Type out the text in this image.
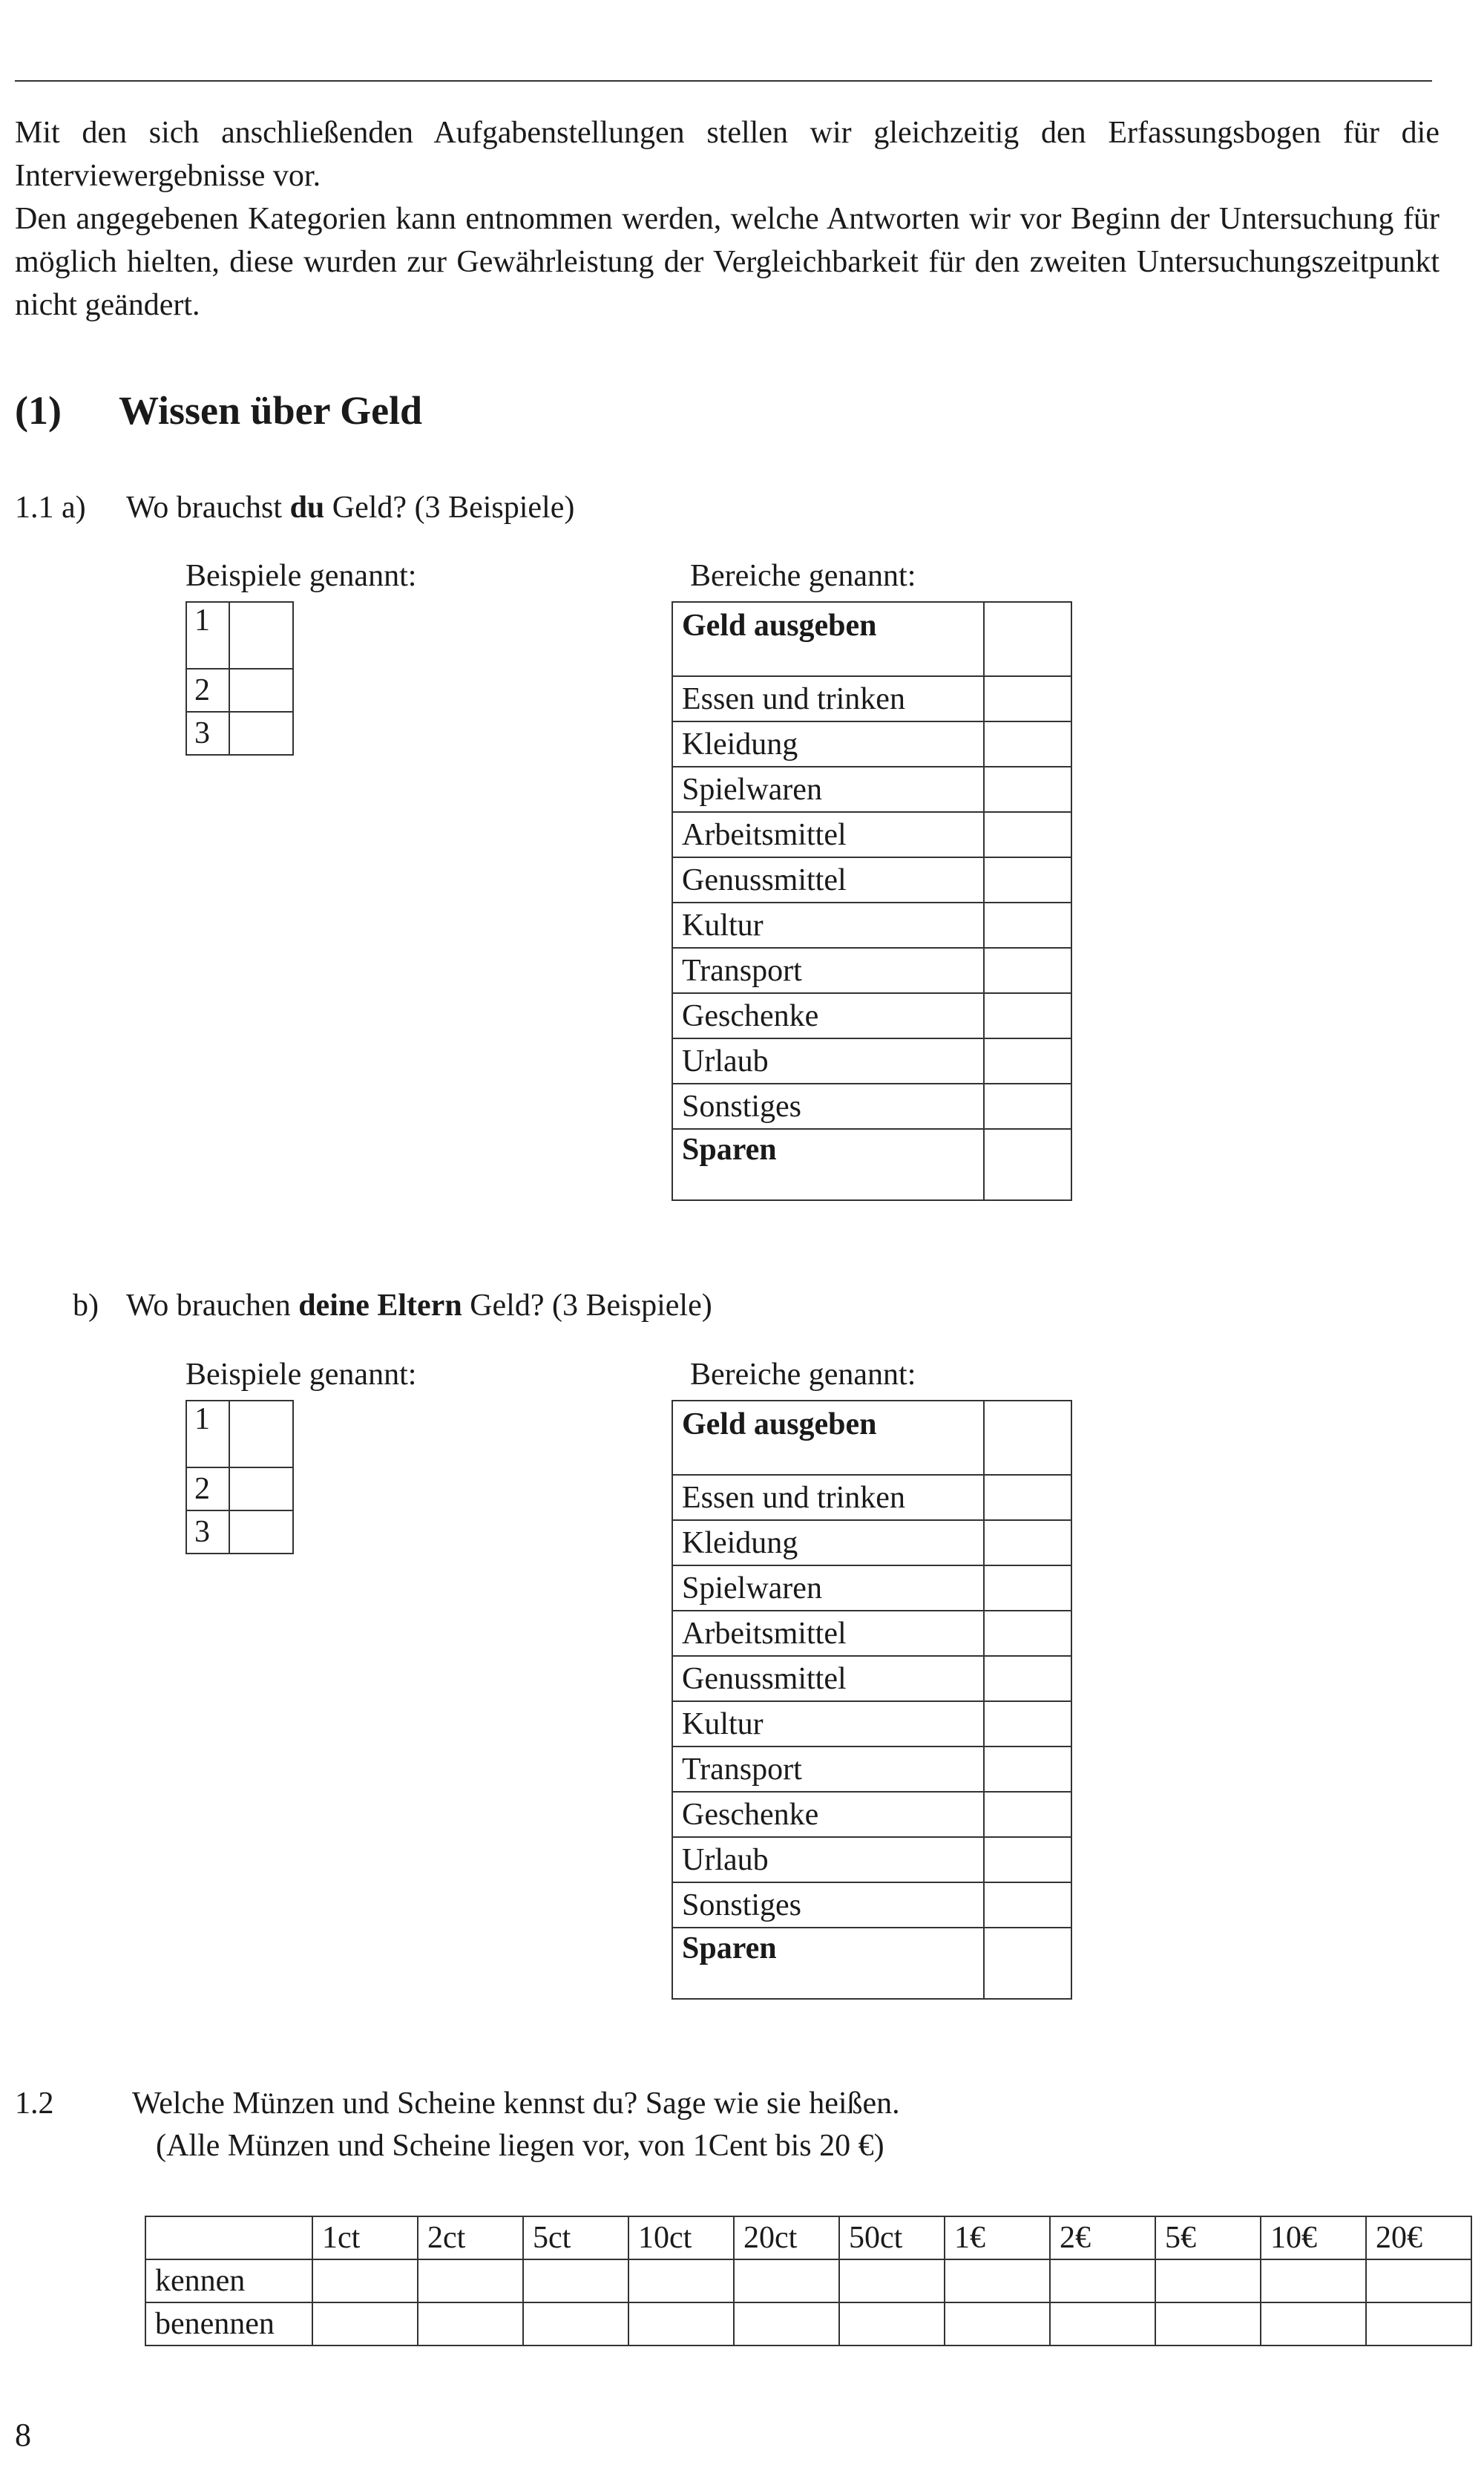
Mit den sich anschließenden Aufgabenstellungen stellen wir gleichzeitig den Erfassungsbogen für die Interviewergebnisse vor.

Den angegebenen Kategorien kann entnommen werden, welche Antworten wir vor Beginn der Untersuchung für möglich hielten, diese wurden zur Gewährleistung der Vergleichbarkeit für den zweiten Untersuchungszeitpunkt nicht geändert.

(1) Wissen über Geld
1.1 a) Wo brauchst du Geld? (3 Beispiele)
Beispiele genannt:	Bereiche genannt:
1	
2	
3	
Geld ausgeben	
Essen und trinken	
Kleidung	
Spielwaren	
Arbeitsmittel	
Genussmittel	
Kultur	
Transport	
Geschenke	
Urlaub	
Sonstiges	
Sparen	
b) Wo brauchen deine Eltern Geld? (3 Beispiele)
Beispiele genannt:	Bereiche genannt:
1	
2	
3	
Geld ausgeben	
Essen und trinken	
Kleidung	
Spielwaren	
Arbeitsmittel	
Genussmittel	
Kultur	
Transport	
Geschenke	
Urlaub	
Sonstiges	
Sparen	
1.2	Welche Münzen und Scheine kennst du? Sage wie sie heißen.
(Alle Münzen und Scheine liegen vor, von 1Cent bis 20 €)
	1ct	2ct	5ct	10ct	20ct	50ct	1€	2€	5€	10€	20€
kennen											
benennen											
8
